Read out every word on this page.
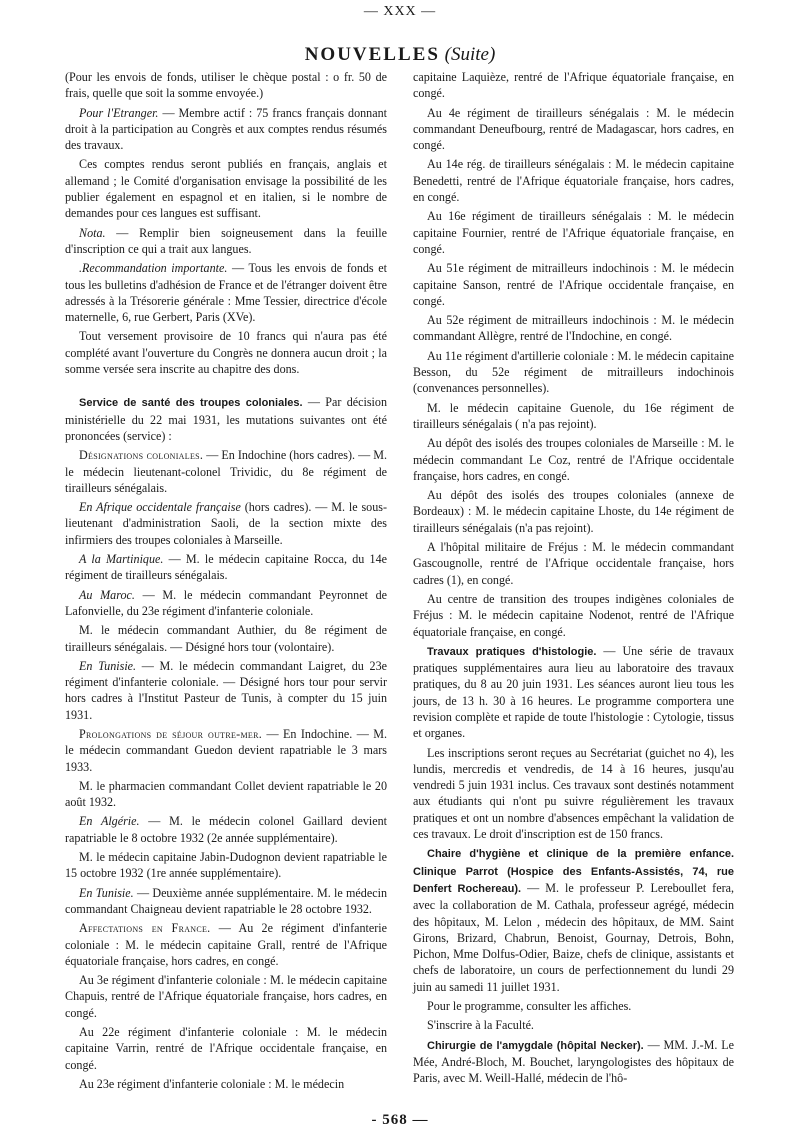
— XXX —
NOUVELLES (Suite)

(Pour les envois de fonds, utiliser le chèque postal : o fr. 50 de frais, quelle que soit la somme envoyée.)

Pour l'Etranger. — Membre actif : 75 francs français donnant droit à la participation au Congrès et aux comptes rendus résumés des travaux.

Ces comptes rendus seront publiés en français, anglais et allemand ; le Comité d'organisation envisage la possibilité de les publier également en espagnol et en italien, si le nombre de demandes pour ces langues est suffisant.

Nota. — Remplir bien soigneusement dans la feuille d'inscription ce qui a trait aux langues.

.Recommandation importante. — Tous les envois de fonds et tous les bulletins d'adhésion de France et de l'étranger doivent être adressés à la Trésorerie générale : Mme Tessier, directrice d'école maternelle, 6, rue Gerbert, Paris (XVe).

Tout versement provisoire de 10 francs qui n'aura pas été complété avant l'ouverture du Congrès ne donnera aucun droit ; la somme versée sera inscrite au chapitre des dons.

Service de santé des troupes coloniales. — Par décision ministérielle du 22 mai 1931, les mutations suivantes ont été prononcées (service) :

Désignations coloniales. — En Indochine (hors cadres). — M. le médecin lieutenant-colonel Trividic, du 8e régiment de tirailleurs sénégalais.

En Afrique occidentale française (hors cadres). — M. le sous-lieutenant d'administration Saoli, de la section mixte des infirmiers des troupes coloniales à Marseille.

A la Martinique. — M. le médecin capitaine Rocca, du 14e régiment de tirailleurs sénégalais.

Au Maroc. — M. le médecin commandant Peyronnet de Lafonvielle, du 23e régiment d'infanterie coloniale.

M. le médecin commandant Authier, du 8e régiment de tirailleurs sénégalais. — Désigné hors tour (volontaire).

En Tunisie. — M. le médecin commandant Laigret, du 23e régiment d'infanterie coloniale. — Désigné hors tour pour servir hors cadres à l'Institut Pasteur de Tunis, à compter du 15 juin 1931.

Prolongations de séjour outre-mer. — En Indochine. — M. le médecin commandant Guedon devient rapatriable le 3 mars 1933.

M. le pharmacien commandant Collet devient rapatriable le 20 août 1932.

En Algérie. — M. le médecin colonel Gaillard devient rapatriable le 8 octobre 1932 (2e année supplémentaire).

M. le médecin capitaine Jabin-Dudognon devient rapatriable le 15 octobre 1932 (1re année supplémentaire).

En Tunisie. — Deuxième année supplémentaire. M. le médecin commandant Chaigneau devient rapatriable le 28 octobre 1932.

Affectations en France. — Au 2e régiment d'infanterie coloniale : M. le médecin capitaine Grall, rentré de l'Afrique équatoriale française, hors cadres, en congé.

Au 3e régiment d'infanterie coloniale : M. le médecin capitaine Chapuis, rentré de l'Afrique équatoriale française, hors cadres, en congé.

Au 22e régiment d'infanterie coloniale : M. le médecin capitaine Varrin, rentré de l'Afrique occidentale française, en congé.

Au 23e régiment d'infanterie coloniale : M. le médecin

capitaine Laquièze, rentré de l'Afrique équatoriale française, en congé.

Au 4e régiment de tirailleurs sénégalais : M. le médecin commandant Deneufbourg, rentré de Madagascar, hors cadres, en congé.

Au 14e rég. de tirailleurs sénégalais : M. le médecin capitaine Benedetti, rentré de l'Afrique équatoriale française, hors cadres, en congé.

Au 16e régiment de tirailleurs sénégalais : M. le médecin capitaine Fournier, rentré de l'Afrique équatoriale française, en congé.

Au 51e régiment de mitrailleurs indochinois : M. le médecin capitaine Sanson, rentré de l'Afrique occidentale française, en congé.

Au 52e régiment de mitrailleurs indochinois : M. le médecin commandant Allègre, rentré de l'Indochine, en congé.

Au 11e régiment d'artillerie coloniale : M. le médecin capitaine Besson, du 52e régiment de mitrailleurs indochinois (convenances personnelles).

M. le médecin capitaine Guenole, du 16e régiment de tirailleurs sénégalais ( n'a pas rejoint).

Au dépôt des isolés des troupes coloniales de Marseille : M. le médecin commandant Le Coz, rentré de l'Afrique occidentale française, hors cadres, en congé.

Au dépôt des isolés des troupes coloniales (annexe de Bordeaux) : M. le médecin capitaine Lhoste, du 14e régiment de tirailleurs sénégalais (n'a pas rejoint).

A l'hôpital militaire de Fréjus : M. le médecin commandant Gascougnolle, rentré de l'Afrique occidentale française, hors cadres (1), en congé.

Au centre de transition des troupes indigènes coloniales de Fréjus : M. le médecin capitaine Nodenot, rentré de l'Afrique équatoriale française, en congé.

Travaux pratiques d'histologie. — Une série de travaux pratiques supplémentaires aura lieu au laboratoire des travaux pratiques, du 8 au 20 juin 1931. Les séances auront lieu tous les jours, de 13 h. 30 à 16 heures. Le programme comportera une revision complète et rapide de toute l'histologie : Cytologie, tissus et organes.

Les inscriptions seront reçues au Secrétariat (guichet no 4), les lundis, mercredis et vendredis, de 14 à 16 heures, jusqu'au vendredi 5 juin 1931 inclus. Ces travaux sont destinés notamment aux étudiants qui n'ont pu suivre régulièrement les travaux pratiques et ont un nombre d'absences empêchant la validation de ces travaux. Le droit d'inscription est de 150 francs.

Chaire d'hygiène et clinique de la première enfance. Clinique Parrot (Hospice des Enfants-Assistés, 74, rue Denfert Rochereau). — M. le professeur P. Lereboullet fera, avec la collaboration de M. Cathala, professeur agrégé, médecin des hôpitaux, M. Lelon , médecin des hôpitaux, de MM. Saint Girons, Brizard, Chabrun, Benoist, Gournay, Detrois, Bohn, Pichon, Mme Dolfus-Odier, Baize, chefs de clinique, assistants et chefs de laboratoire, un cours de perfectionnement du lundi 29 juin au samedi 11 juillet 1931.

Pour le programme, consulter les affiches.

S'inscrire à la Faculté.

Chirurgie de l'amygdale (hôpital Necker). — MM. J.-M. Le Mée, André-Bloch, M. Bouchet, laryngologistes des hôpitaux de Paris, avec M. Weill-Hallé, médecin de l'hô-

- 568 —
